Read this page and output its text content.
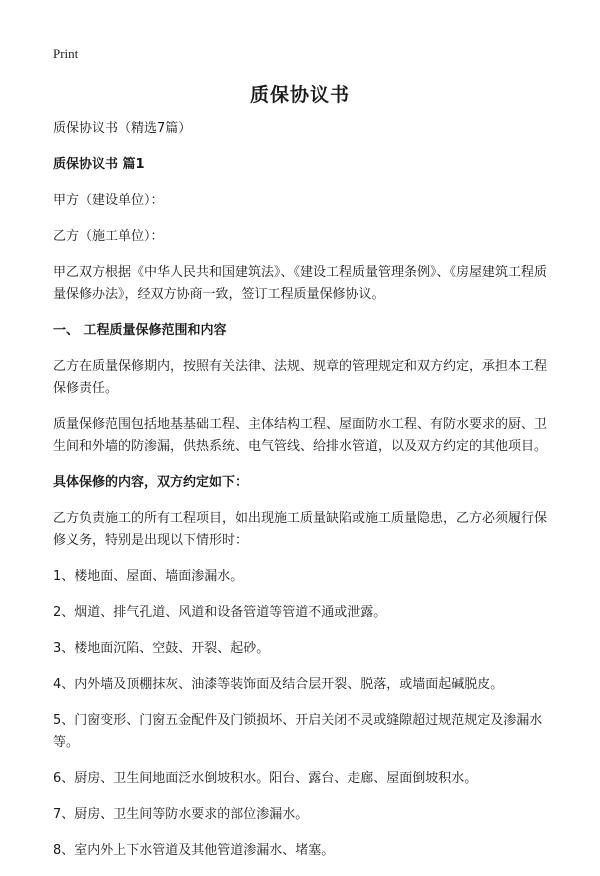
Print
质保协议书

质保协议书（精选7篇）

质保协议书 篇1

甲方（建设单位）：

乙方（施工单位）：

甲乙双方根据《中华人民共和国建筑法》、《建设工程质量管理条例》、《房屋建筑工程质量保修办法》，经双方协商一致，签订工程质量保修协议。

一、 工程质量保修范围和内容

乙方在质量保修期内，按照有关法律、法规、规章的管理规定和双方约定，承担本工程保修责任。

质量保修范围包括地基基础工程、主体结构工程、屋面防水工程、有防水要求的厨、卫生间和外墙的防渗漏，供热系统、电气管线、给排水管道，以及双方约定的其他项目。

具体保修的内容，双方约定如下：

乙方负责施工的所有工程项目，如出现施工质量缺陷或施工质量隐患，乙方必须履行保修义务，特别是出现以下情形时：

1、楼地面、屋面、墙面渗漏水。

2、烟道、排气孔道、风道和设备管道等管道不通或泄露。

3、楼地面沉陷、空鼓、开裂、起砂。

4、内外墙及顶棚抹灰、油漆等装饰面及结合层开裂、脱落，或墙面起碱脱皮。

5、门窗变形、门窗五金配件及门锁损坏、开启关闭不灵或缝隙超过规范规定及渗漏水等。

6、厨房、卫生间地面泛水倒坡积水。阳台、露台、走廊、屋面倒坡积水。

7、厨房、卫生间等防水要求的部位渗漏水。

8、室内外上下水管道及其他管道渗漏水、堵塞。
